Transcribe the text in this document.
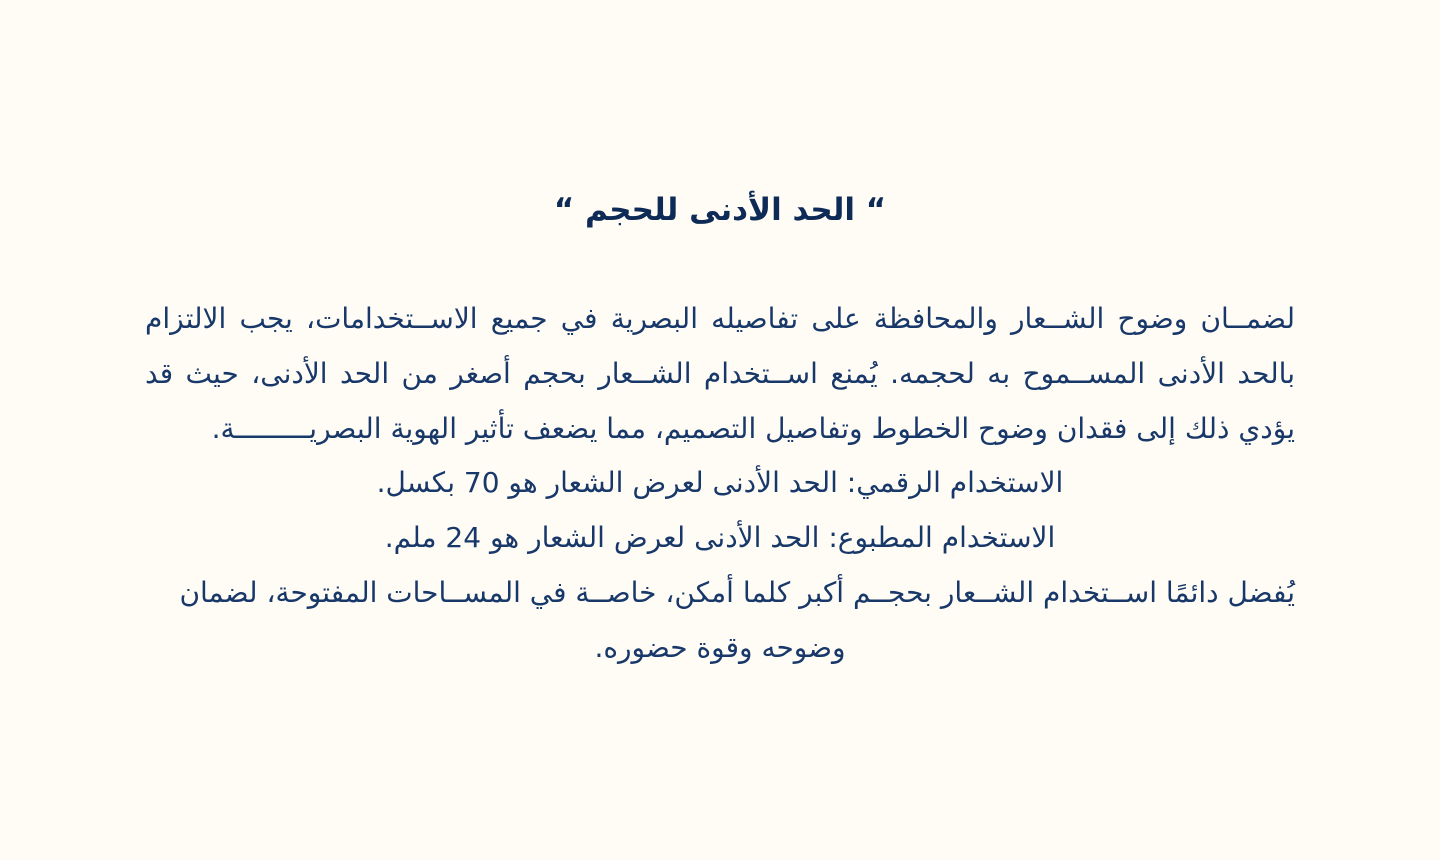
“ الحد الأدنى للحجم “

لضمــان وضوح الشــعار والمحافظة على تفاصيله البصرية في جميع الاســتخدامات، يجب الالتزام بالحد الأدنى المســموح به لحجمه. يُمنع اســتخدام الشــعار بحجم أصغر من الحد الأدنى، حيث قد يؤدي ذلك إلى فقدان وضوح الخطوط وتفاصيل التصميم، مما يضعف تأثير الهوية البصريـــــــــة.

الاستخدام الرقمي: الحد الأدنى لعرض الشعار هو 70 بكسل.

الاستخدام المطبوع: الحد الأدنى لعرض الشعار هو 24 ملم.

يُفضل دائمًا اســتخدام الشــعار بحجــم أكبر كلما أمكن، خاصــة في المســاحات المفتوحة، لضمان

وضوحه وقوة حضوره.
